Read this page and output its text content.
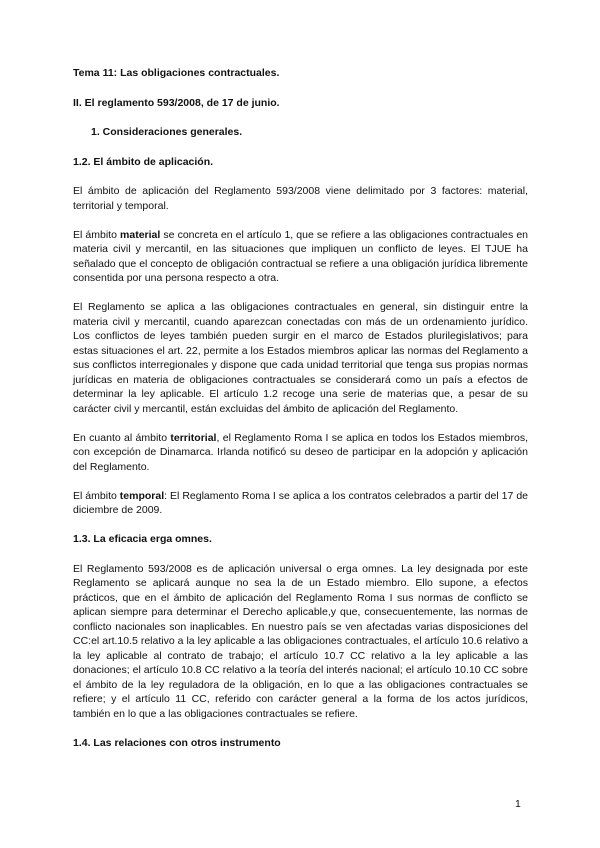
Tema 11: Las obligaciones contractuales.
II. El reglamento 593/2008, de 17 de junio.
1. Consideraciones generales.
1.2. El ámbito de aplicación.

El ámbito de aplicación del Reglamento 593/2008 viene delimitado por 3 factores: material, territorial y temporal.

El ámbito material se concreta en el artículo 1, que se refiere a las obligaciones contractuales en materia civil y mercantil, en las situaciones que impliquen un conflicto de leyes. El TJUE ha señalado que el concepto de obligación contractual se refiere a una obligación jurídica libremente consentida por una persona respecto a otra.

El Reglamento se aplica a las obligaciones contractuales en general, sin distinguir entre la materia civil y mercantil, cuando aparezcan conectadas con más de un ordenamiento jurídico. Los conflictos de leyes también pueden surgir en el marco de Estados plurilegislativos; para estas situaciones el art. 22, permite a los Estados miembros aplicar las normas del Reglamento a sus conflictos interregionales y dispone que cada unidad territorial que tenga sus propias normas jurídicas en materia de obligaciones contractuales se considerará como un país a efectos de determinar la ley aplicable. El artículo 1.2 recoge una serie de materias que, a pesar de su carácter civil y mercantil, están excluidas del ámbito de aplicación del Reglamento.

En cuanto al ámbito territorial, el Reglamento Roma I se aplica en todos los Estados miembros, con excepción de Dinamarca. Irlanda notificó su deseo de participar en la adopción y aplicación del Reglamento.

El ámbito temporal: El Reglamento Roma I se aplica a los contratos celebrados a partir del 17 de diciembre de 2009.

1.3. La eficacia erga omnes.

El Reglamento 593/2008 es de aplicación universal o erga omnes. La ley designada por este Reglamento se aplicará aunque no sea la de un Estado miembro. Ello supone, a efectos prácticos, que en el ámbito de aplicación del Reglamento Roma I sus normas de conflicto se aplican siempre para determinar el Derecho aplicable,y que, consecuentemente, las normas de conflicto nacionales son inaplicables. En nuestro país se ven afectadas varias disposiciones del CC:el art.10.5 relativo a la ley aplicable a las obligaciones contractuales, el artículo 10.6 relativo a la ley aplicable al contrato de trabajo; el artículo 10.7 CC relativo a la ley aplicable a las donaciones; el artículo 10.8 CC relativo a la teoría del interés nacional; el artículo 10.10 CC sobre el ámbito de la ley reguladora de la obligación, en lo que a las obligaciones contractuales se refiere; y el artículo 11 CC, referido con carácter general a la forma de los actos jurídicos, también en lo que a las obligaciones contractuales se refiere.

1.4. Las relaciones con otros instrumento
1
